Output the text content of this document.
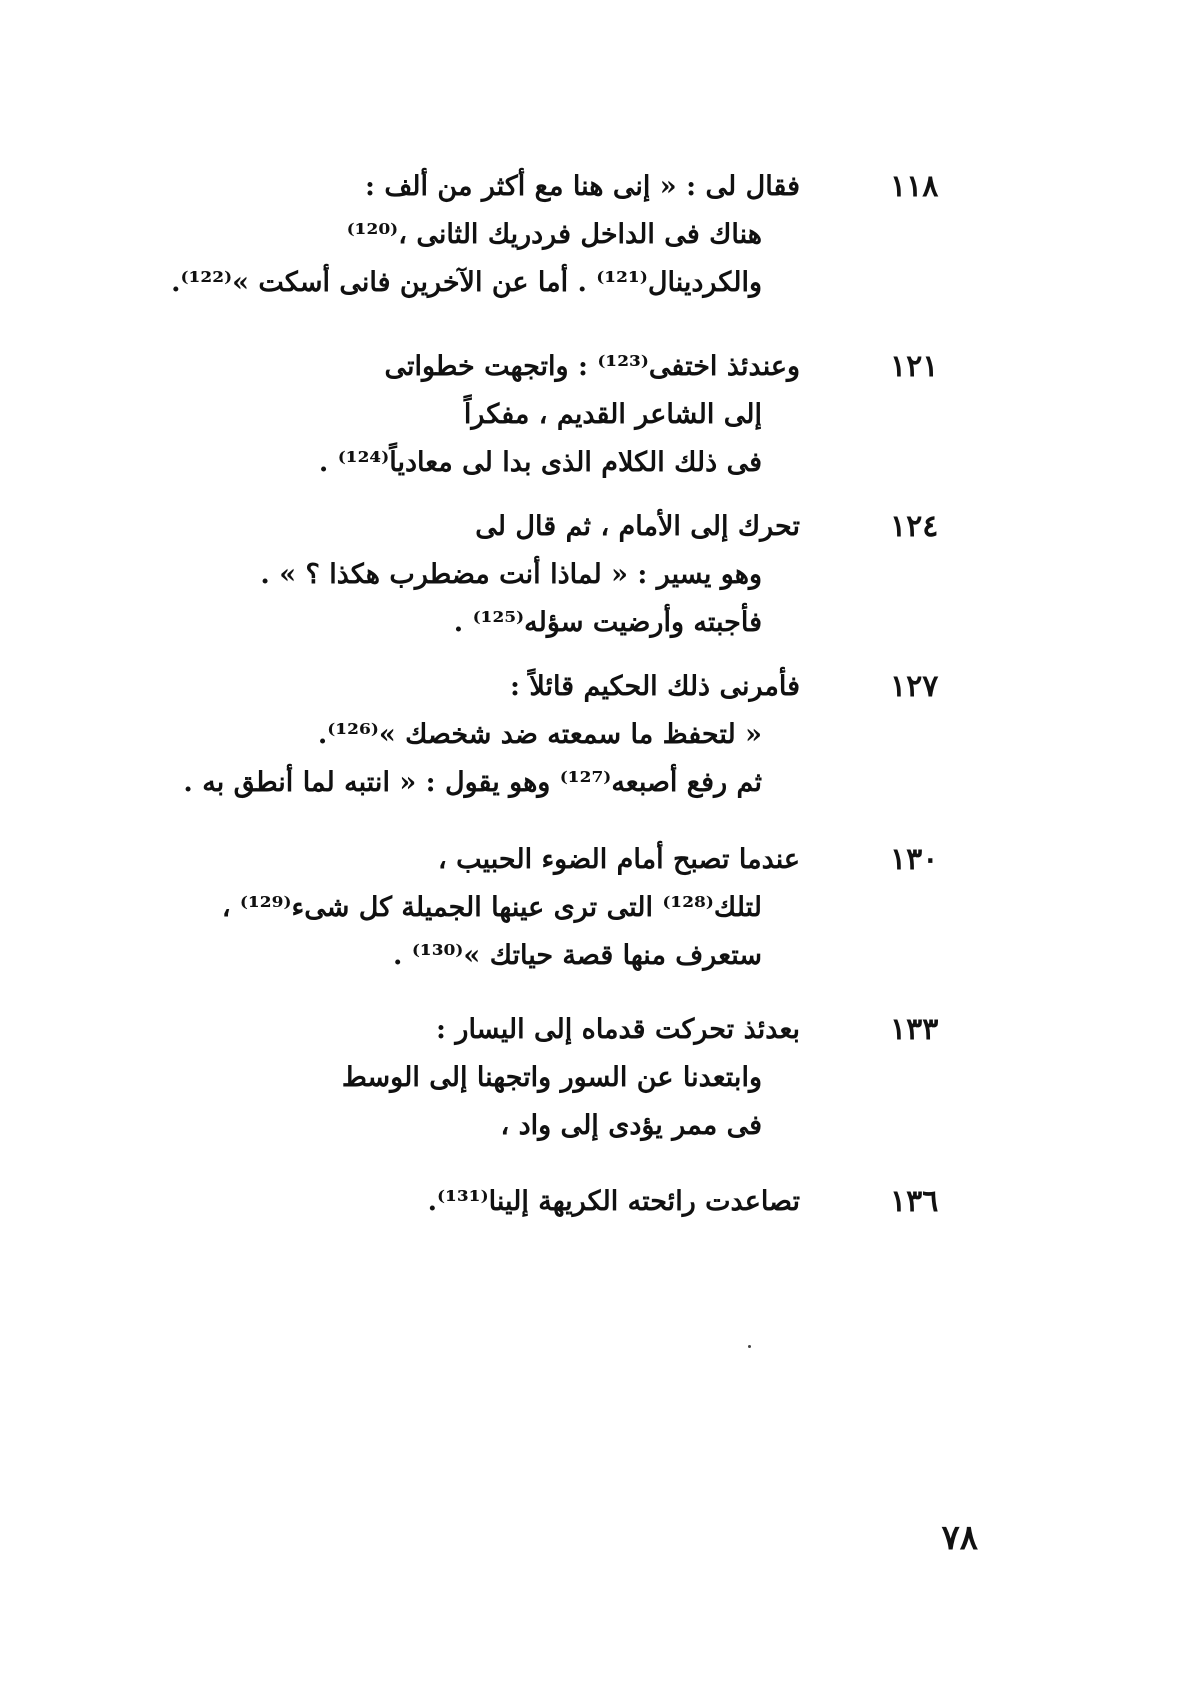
١١٨
فقال لى : « إنى هنا مع أكثر من ألف :
هناك فى الداخل فردريك الثانى ،⁽¹²⁰⁾
والكردينال⁽¹²¹⁾ . أما عن الآخرين فانى أسكت »⁽¹²²⁾.
١٢١
وعندئذ اختفى⁽¹²³⁾ : واتجهت خطواتى
إلى الشاعر القديم ، مفكراً
فى ذلك الكلام الذى بدا لى معادياً⁽¹²⁴⁾ .
١٢٤
تحرك إلى الأمام ، ثم قال لى
وهو يسير : « لماذا أنت مضطرب هكذا ؟ » .
فأجبته وأرضيت سؤله⁽¹²⁵⁾ .
١٢٧
فأمرنى ذلك الحكيم قائلاً :
« لتحفظ ما سمعته ضد شخصك »⁽¹²⁶⁾.
ثم رفع أصبعه⁽¹²⁷⁾ وهو يقول : « انتبه لما أنطق به .
١٣٠
عندما تصبح أمام الضوء الحبيب ،
لتلك⁽¹²⁸⁾ التى ترى عينها الجميلة كل شىء⁽¹²⁹⁾ ،
ستعرف منها قصة حياتك »⁽¹³⁰⁾ .
١٣٣
بعدئذ تحركت قدماه إلى اليسار :
وابتعدنا عن السور واتجهنا إلى الوسط
فى ممر يؤدى إلى واد ،
١٣٦
تصاعدت رائحته الكريهة إلينا⁽¹³¹⁾.
٧٨
